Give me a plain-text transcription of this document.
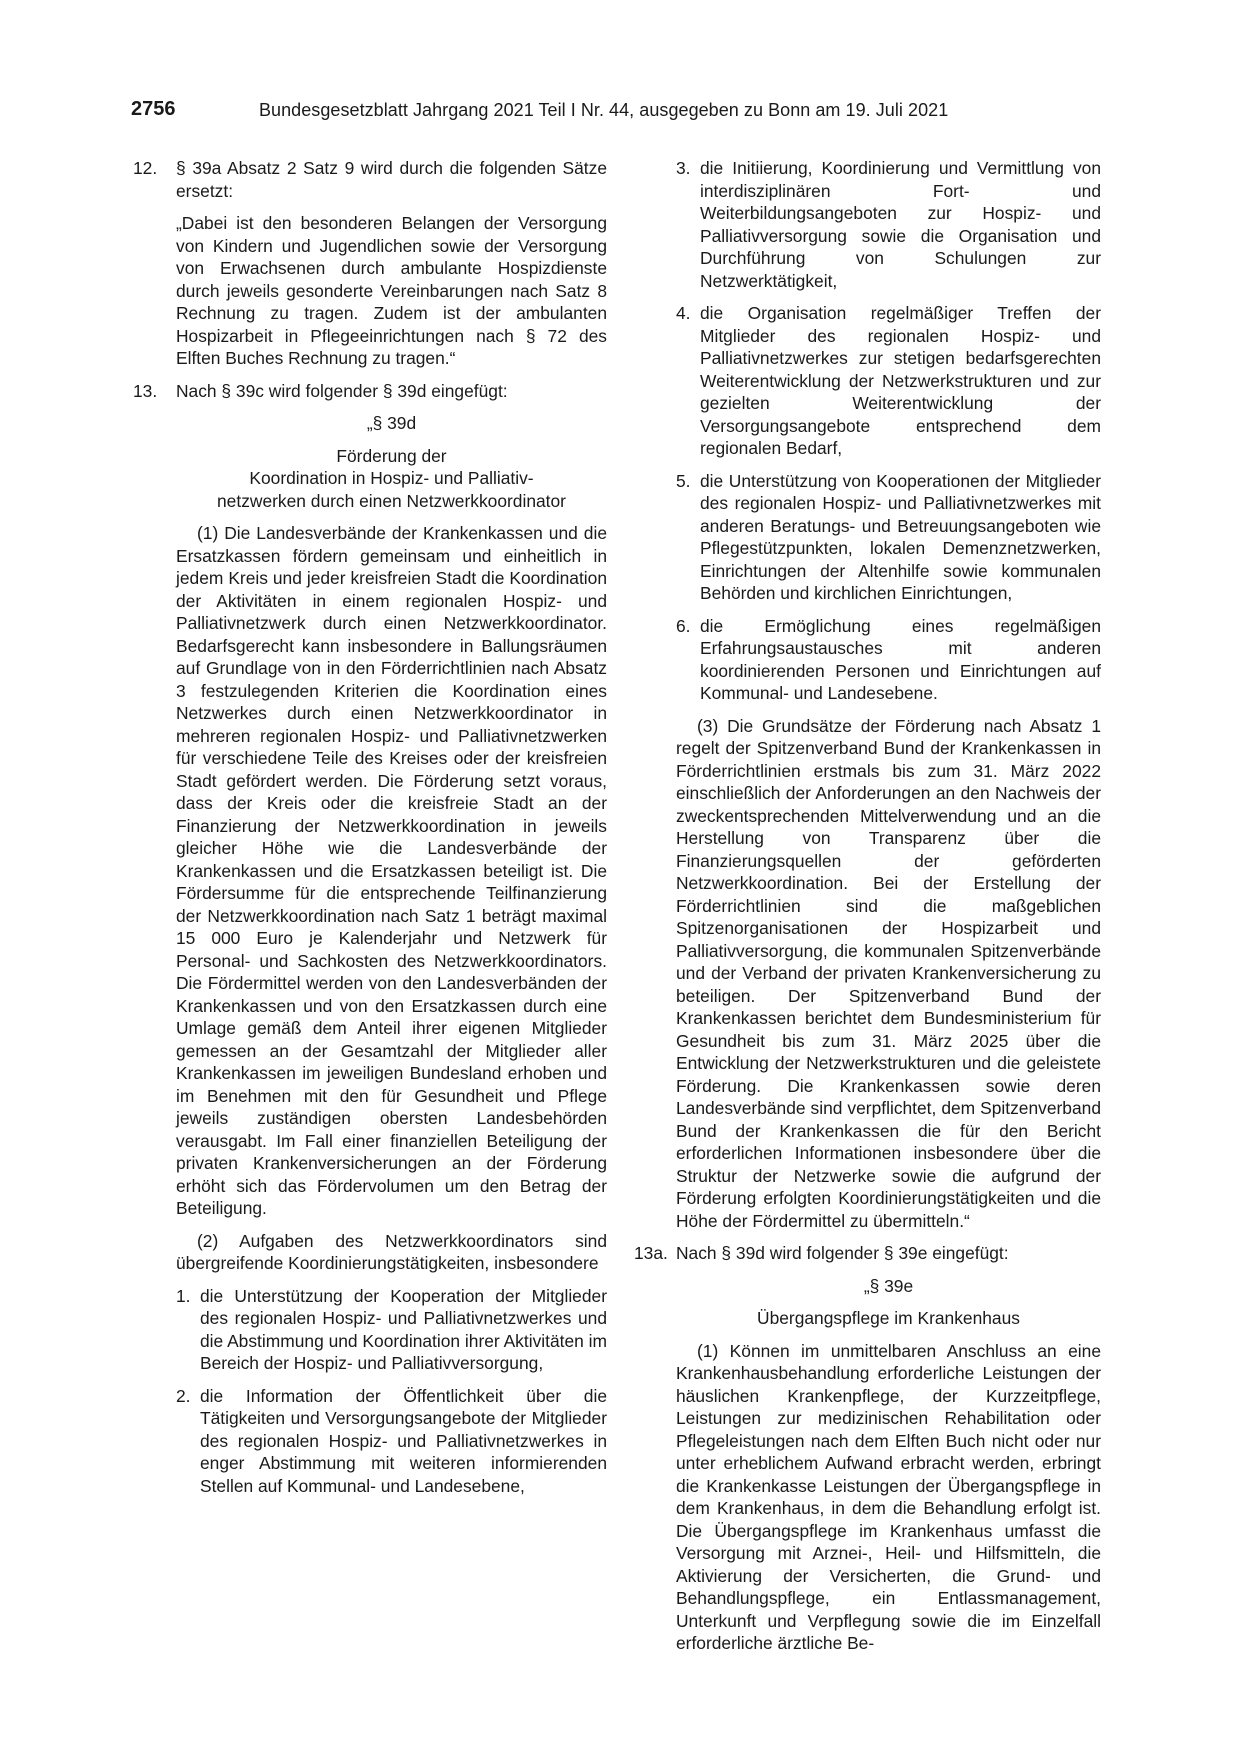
2756	Bundesgesetzblatt Jahrgang 2021 Teil I Nr. 44, ausgegeben zu Bonn am 19. Juli 2021
12. § 39a Absatz 2 Satz 9 wird durch die folgenden Sätze ersetzt:

„Dabei ist den besonderen Belangen der Versorgung von Kindern und Jugendlichen sowie der Versorgung von Erwachsenen durch ambulante Hospizdienste durch jeweils gesonderte Vereinbarungen nach Satz 8 Rechnung zu tragen. Zudem ist der ambulanten Hospizarbeit in Pflegeeinrichtungen nach § 72 des Elften Buches Rechnung zu tragen.“

13. Nach § 39c wird folgender § 39d eingefügt:

„§ 39d

Förderung der
Koordination in Hospiz- und Palliativ-
netzwerken durch einen Netzwerkkoordinator

(1) Die Landesverbände der Krankenkassen und die Ersatzkassen fördern gemeinsam und einheitlich in jedem Kreis und jeder kreisfreien Stadt die Koordination der Aktivitäten in einem regionalen Hospiz- und Palliativnetzwerk durch einen Netzwerkkoordinator. Bedarfsgerecht kann insbesondere in Ballungsräumen auf Grundlage von in den Förderrichtlinien nach Absatz 3 festzulegenden Kriterien die Koordination eines Netzwerkes durch einen Netzwerkkoordinator in mehreren regionalen Hospiz- und Palliativnetzwerken für verschiedene Teile des Kreises oder der kreisfreien Stadt gefördert werden. Die Förderung setzt voraus, dass der Kreis oder die kreisfreie Stadt an der Finanzierung der Netzwerkkoordination in jeweils gleicher Höhe wie die Landesverbände der Krankenkassen und die Ersatzkassen beteiligt ist. Die Fördersumme für die entsprechende Teilfinanzierung der Netzwerkkoordination nach Satz 1 beträgt maximal 15 000 Euro je Kalenderjahr und Netzwerk für Personal- und Sachkosten des Netzwerkkoordinators. Die Fördermittel werden von den Landesverbänden der Krankenkassen und von den Ersatzkassen durch eine Umlage gemäß dem Anteil ihrer eigenen Mitglieder gemessen an der Gesamtzahl der Mitglieder aller Krankenkassen im jeweiligen Bundesland erhoben und im Benehmen mit den für Gesundheit und Pflege jeweils zuständigen obersten Landesbehörden verausgabt. Im Fall einer finanziellen Beteiligung der privaten Krankenversicherungen an der Förderung erhöht sich das Fördervolumen um den Betrag der Beteiligung.

(2) Aufgaben des Netzwerkkoordinators sind übergreifende Koordinierungstätigkeiten, insbesondere

1. die Unterstützung der Kooperation der Mitglieder des regionalen Hospiz- und Palliativnetzwerkes und die Abstimmung und Koordination ihrer Aktivitäten im Bereich der Hospiz- und Palliativversorgung,

2. die Information der Öffentlichkeit über die Tätigkeiten und Versorgungsangebote der Mitglieder des regionalen Hospiz- und Palliativnetzwerkes in enger Abstimmung mit weiteren informierenden Stellen auf Kommunal- und Landesebene,

3. die Initiierung, Koordinierung und Vermittlung von interdisziplinären Fort- und Weiterbildungsangeboten zur Hospiz- und Palliativversorgung sowie die Organisation und Durchführung von Schulungen zur Netzwerktätigkeit,

4. die Organisation regelmäßiger Treffen der Mitglieder des regionalen Hospiz- und Palliativnetzwerkes zur stetigen bedarfsgerechten Weiterentwicklung der Netzwerkstrukturen und zur gezielten Weiterentwicklung der Versorgungsangebote entsprechend dem regionalen Bedarf,

5. die Unterstützung von Kooperationen der Mitglieder des regionalen Hospiz- und Palliativnetzwerkes mit anderen Beratungs- und Betreuungsangeboten wie Pflegestützpunkten, lokalen Demenznetzwerken, Einrichtungen der Altenhilfe sowie kommunalen Behörden und kirchlichen Einrichtungen,

6. die Ermöglichung eines regelmäßigen Erfahrungsaustausches mit anderen koordinierenden Personen und Einrichtungen auf Kommunal- und Landesebene.

(3) Die Grundsätze der Förderung nach Absatz 1 regelt der Spitzenverband Bund der Krankenkassen in Förderrichtlinien erstmals bis zum 31. März 2022 einschließlich der Anforderungen an den Nachweis der zweckentsprechenden Mittelverwendung und an die Herstellung von Transparenz über die Finanzierungsquellen der geförderten Netzwerkkoordination. Bei der Erstellung der Förderrichtlinien sind die maßgeblichen Spitzenorganisationen der Hospizarbeit und Palliativversorgung, die kommunalen Spitzenverbände und der Verband der privaten Krankenversicherung zu beteiligen. Der Spitzenverband Bund der Krankenkassen berichtet dem Bundesministerium für Gesundheit bis zum 31. März 2025 über die Entwicklung der Netzwerkstrukturen und die geleistete Förderung. Die Krankenkassen sowie deren Landesverbände sind verpflichtet, dem Spitzenverband Bund der Krankenkassen die für den Bericht erforderlichen Informationen insbesondere über die Struktur der Netzwerke sowie die aufgrund der Förderung erfolgten Koordinierungstätigkeiten und die Höhe der Fördermittel zu übermitteln.“

13a. Nach § 39d wird folgender § 39e eingefügt:

„§ 39e

Übergangspflege im Krankenhaus

(1) Können im unmittelbaren Anschluss an eine Krankenhausbehandlung erforderliche Leistungen der häuslichen Krankenpflege, der Kurzzeitpflege, Leistungen zur medizinischen Rehabilitation oder Pflegeleistungen nach dem Elften Buch nicht oder nur unter erheblichem Aufwand erbracht werden, erbringt die Krankenkasse Leistungen der Übergangspflege in dem Krankenhaus, in dem die Behandlung erfolgt ist. Die Übergangspflege im Krankenhaus umfasst die Versorgung mit Arznei-, Heil- und Hilfsmitteln, die Aktivierung der Versicherten, die Grund- und Behandlungspflege, ein Entlassmanagement, Unterkunft und Verpflegung sowie die im Einzelfall erforderliche ärztliche Be-
